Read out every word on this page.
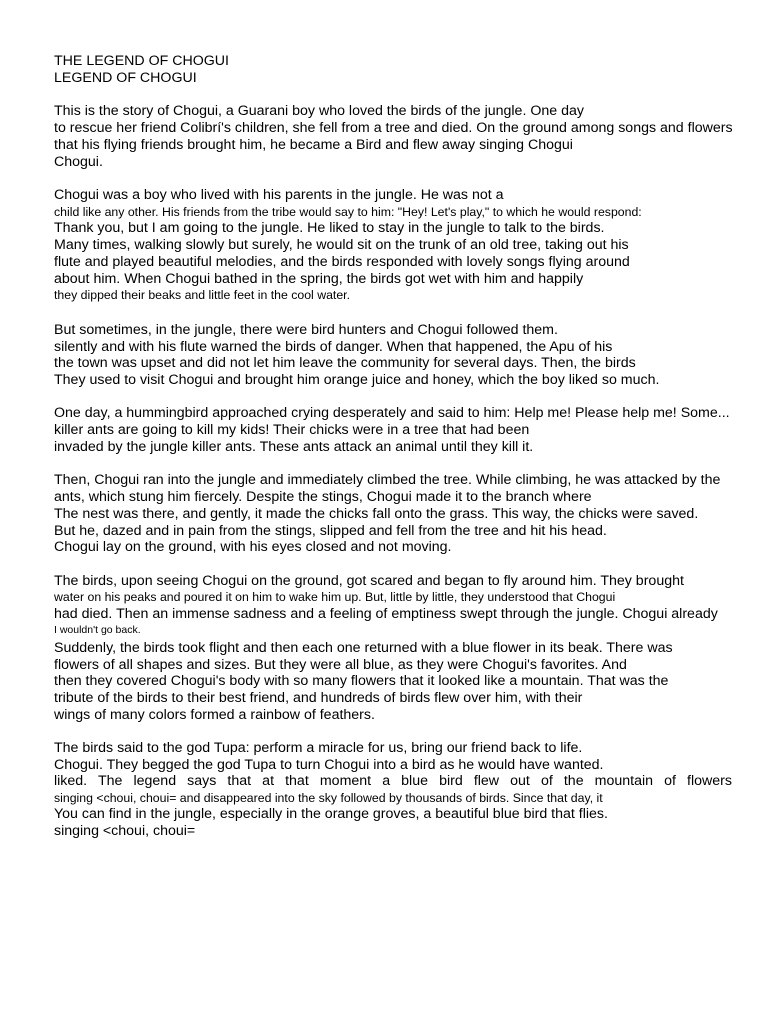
THE LEGEND OF CHOGUI
LEGEND OF CHOGUI
This is the story of Chogui, a Guarani boy who loved the birds of the jungle. One day
to rescue her friend Colibrí's children, she fell from a tree and died. On the ground among songs and flowers
that his flying friends brought him, he became a Bird and flew away singing Chogui
Chogui.
Chogui was a boy who lived with his parents in the jungle. He was not a
child like any other. His friends from the tribe would say to him: "Hey! Let's play," to which he would respond:
Thank you, but I am going to the jungle. He liked to stay in the jungle to talk to the birds.
Many times, walking slowly but surely, he would sit on the trunk of an old tree, taking out his
flute and played beautiful melodies, and the birds responded with lovely songs flying around
about him. When Chogui bathed in the spring, the birds got wet with him and happily
they dipped their beaks and little feet in the cool water.
But sometimes, in the jungle, there were bird hunters and Chogui followed them.
silently and with his flute warned the birds of danger. When that happened, the Apu of his
the town was upset and did not let him leave the community for several days. Then, the birds
They used to visit Chogui and brought him orange juice and honey, which the boy liked so much.
One day, a hummingbird approached crying desperately and said to him: Help me! Please help me! Some...
killer ants are going to kill my kids! Their chicks were in a tree that had been
invaded by the jungle killer ants. These ants attack an animal until they kill it.
Then, Chogui ran into the jungle and immediately climbed the tree. While climbing, he was attacked by the
ants, which stung him fiercely. Despite the stings, Chogui made it to the branch where
The nest was there, and gently, it made the chicks fall onto the grass. This way, the chicks were saved.
But he, dazed and in pain from the stings, slipped and fell from the tree and hit his head.
Chogui lay on the ground, with his eyes closed and not moving.
The birds, upon seeing Chogui on the ground, got scared and began to fly around him. They brought
water on his peaks and poured it on him to wake him up. But, little by little, they understood that Chogui
had died. Then an immense sadness and a feeling of emptiness swept through the jungle. Chogui already
I wouldn't go back.
Suddenly, the birds took flight and then each one returned with a blue flower in its beak. There was
flowers of all shapes and sizes. But they were all blue, as they were Chogui's favorites. And
then they covered Chogui's body with so many flowers that it looked like a mountain. That was the
tribute of the birds to their best friend, and hundreds of birds flew over him, with their
wings of many colors formed a rainbow of feathers.
The birds said to the god Tupa: perform a miracle for us, bring our friend back to life.
Chogui. They begged the god Tupa to turn Chogui into a bird as he would have wanted.
liked. The legend says that at that moment a blue bird flew out of the mountain of flowers
singing <choui, choui= and disappeared into the sky followed by thousands of birds. Since that day, it
You can find in the jungle, especially in the orange groves, a beautiful blue bird that flies.
singing <choui, choui=
